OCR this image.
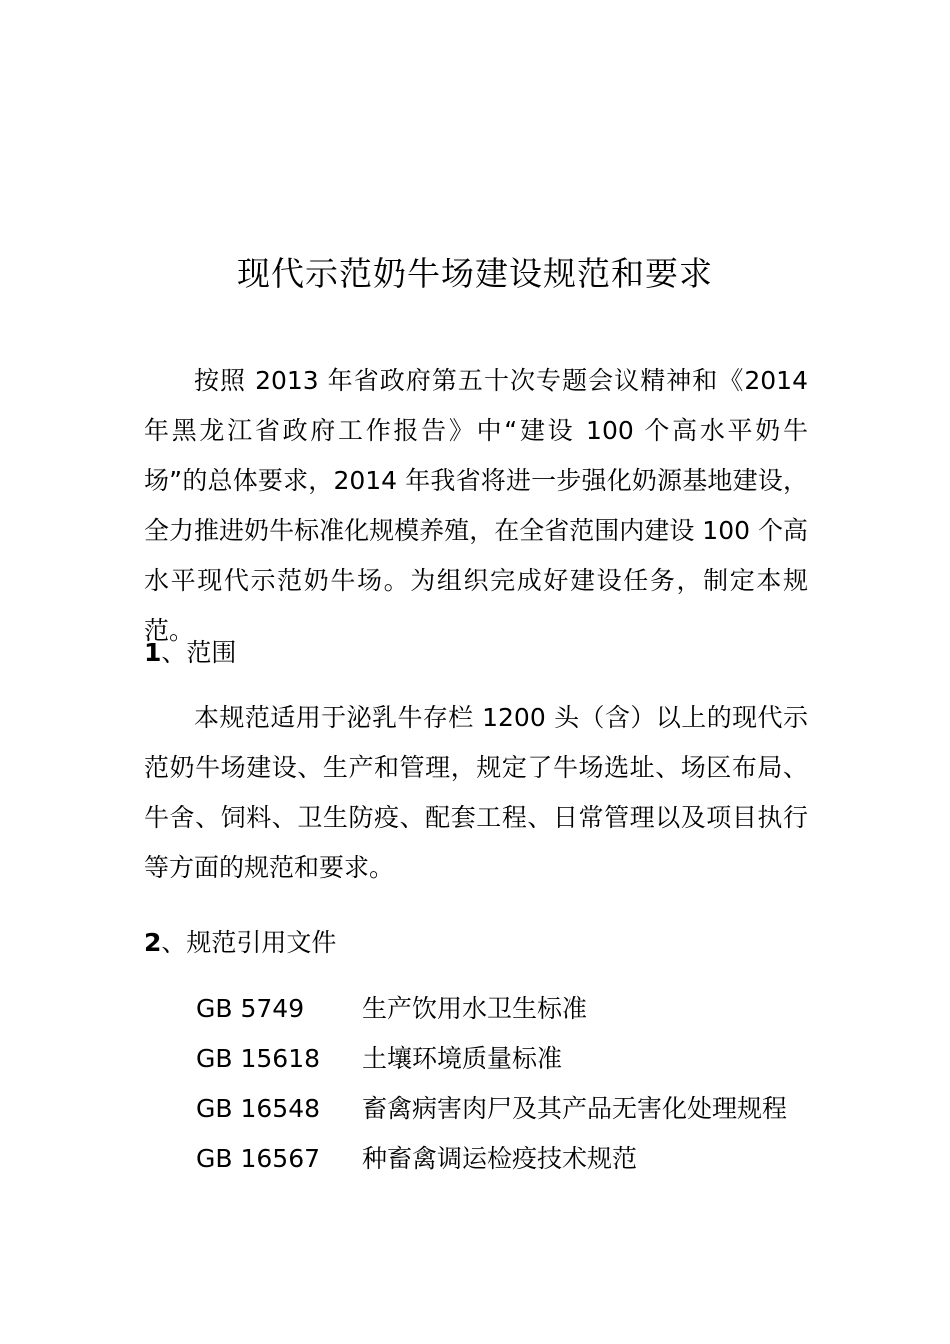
现代示范奶牛场建设规范和要求
按照 2013 年省政府第五十次专题会议精神和《2014年黑龙江省政府工作报告》中“建设 100 个高水平奶牛场”的总体要求，2014 年我省将进一步强化奶源基地建设，全力推进奶牛标准化规模养殖，在全省范围内建设 100 个高水平现代示范奶牛场。为组织完成好建设任务，制定本规范。
1、范围
本规范适用于泌乳牛存栏 1200 头（含）以上的现代示范奶牛场建设、生产和管理，规定了牛场选址、场区布局、牛舍、饲料、卫生防疫、配套工程、日常管理以及项目执行等方面的规范和要求。
2、规范引用文件
GB 5749 生产饮用水卫生标准
GB 15618 土壤环境质量标准
GB 16548 畜禽病害肉尸及其产品无害化处理规程
GB 16567 种畜禽调运检疫技术规范
